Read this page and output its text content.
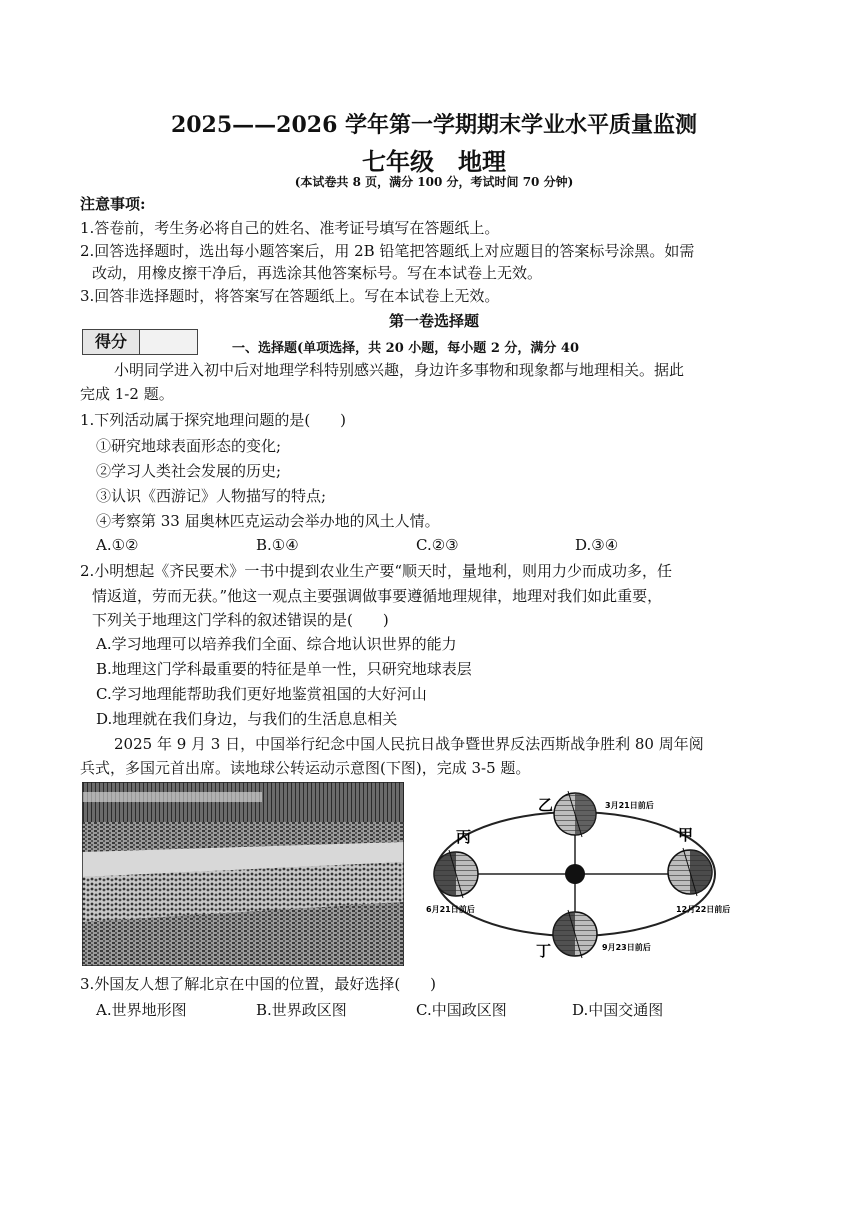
2025——2026 学年第一学期期末学业水平质量监测
七年级　地理
(本试卷共 8 页，满分 100 分，考试时间 70 分钟)
注意事项:
1.答卷前，考生务必将自己的姓名、准考证号填写在答题纸上。
2.回答选择题时，选出每小题答案后，用 2B 铅笔把答题纸上对应题目的答案标号涂黑。如需
改动，用橡皮擦干净后，再选涂其他答案标号。写在本试卷上无效。
3.回答非选择题时，将答案写在答题纸上。写在本试卷上无效。
第一卷选择题
得分	一、选择题(单项选择，共 20 小题，每小题 2 分，满分 40
小明同学进入初中后对地理学科特别感兴趣，身边许多事物和现象都与地理相关。据此
完成 1-2 题。
1.下列活动属于探究地理问题的是(　　)
①研究地球表面形态的变化;
②学习人类社会发展的历史;
③认识《西游记》人物描写的特点;
④考察第 33 届奥林匹克运动会举办地的风土人情。
A.①②	B.①④	C.②③	D.③④
2.小明想起《齐民要术》一书中提到农业生产要“顺天时，量地利，则用力少而成功多，任
情返道，劳而无获。”他这一观点主要强调做事要遵循地理规律，地理对我们如此重要，
下列关于地理这门学科的叙述错误的是(　　)
A.学习地理可以培养我们全面、综合地认识世界的能力
B.地理这门学科最重要的特征是单一性，只研究地球表层
C.学习地理能帮助我们更好地鉴赏祖国的大好河山
D.地理就在我们身边，与我们的生活息息相关
2025 年 9 月 3 日，中国举行纪念中国人民抗日战争暨世界反法西斯战争胜利 80 周年阅
兵式，多国元首出席。读地球公转运动示意图(下图)，完成 3-5 题。
乙	3月21日前后
丙
6月21日前后
甲
12月22日前后
丁	9月23日前后
3.外国友人想了解北京在中国的位置，最好选择(　　)
A.世界地形图	B.世界政区图	C.中国政区图	D.中国交通图
